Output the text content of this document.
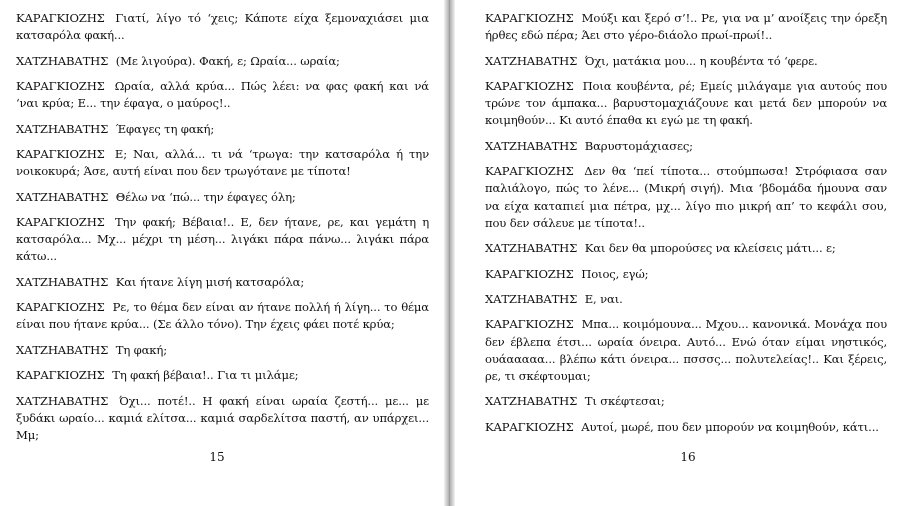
ΚΑΡΑΓΚΙΟΖΗΣ Γιατί, λίγο τό ‘χεις; Κάποτε είχα ξεμοναχιάσει μια κατσαρόλα φακή...

ΧΑΤΖΗΑΒΑΤΗΣ (Με λιγούρα). Φακή, ε; Ωραία... ωραία;

ΚΑΡΑΓΚΙΟΖΗΣ Ωραία, αλλά κρύα... Πώς λέει: να φας φακή και νά ‘ναι κρύα; Ε... την έφαγα, ο μαύρος!..

ΧΑΤΖΗΑΒΑΤΗΣ Έφαγες τη φακή;

ΚΑΡΑΓΚΙΟΖΗΣ Ε; Ναι, αλλά... τι νά ‘τρωγα: την κατσαρόλα ή την νοικοκυρά; Άσε, αυτή είναι που δεν τρωγότανε με τίποτα!

ΧΑΤΖΗΑΒΑΤΗΣ Θέλω να ‘πώ... την έφαγες όλη;

ΚΑΡΑΓΚΙΟΖΗΣ Την φακή; Βέβαια!.. Ε, δεν ήτανε, ρε, και γεμάτη η κατσαρόλα... Μχ... μέχρι τη μέση... λιγάκι πάρα πάνω... λιγάκι πάρα κάτω...

ΧΑΤΖΗΑΒΑΤΗΣ Και ήτανε λίγη μισή κατσαρόλα;

ΚΑΡΑΓΚΙΟΖΗΣ Ρε, το θέμα δεν είναι αν ήτανε πολλή ή λίγη... το θέμα είναι που ήτανε κρύα... (Σε άλλο τόνο). Την έχεις φάει ποτέ κρύα;

ΧΑΤΖΗΑΒΑΤΗΣ Τη φακή;

ΚΑΡΑΓΚΙΟΖΗΣ Τη φακή βέβαια!.. Για τι μιλάμε;

ΧΑΤΖΗΑΒΑΤΗΣ Όχι... ποτέ!.. Η φακή είναι ωραία ζεστή... με... με ξυδάκι ωραίο... καμιά ελίτσα... καμιά σαρδελίτσα παστή, αν υπάρχει... Μμ;

15

ΚΑΡΑΓΚΙΟΖΗΣ Μούξι και ξερό σ’!.. Ρε, για να μ’ ανοίξεις την όρεξη ήρθες εδώ πέρα; Άει στο γέρο-διάολο πρωί-πρωί!..

ΧΑΤΖΗΑΒΑΤΗΣ Όχι, ματάκια μου... η κουβέντα τό ‘φερε.

ΚΑΡΑΓΚΙΟΖΗΣ Ποια κουβέντα, ρέ; Εμείς μιλάγαμε για αυτούς που τρώνε τον άμπακα... βαρυστομαχιάζουνε και μετά δεν μπορούν να κοιμηθούν... Κι αυτό έπαθα κι εγώ με τη φακή.

ΧΑΤΖΗΑΒΑΤΗΣ Βαρυστομάχιασες;

ΚΑΡΑΓΚΙΟΖΗΣ Δεν θα ‘πεί τίποτα... στούμπωσα! Στρόφιασα σαν παλιάλογο, πώς το λένε... (Μικρή σιγή). Μια ‘βδομάδα ήμουνα σαν να είχα καταπιεί μια πέτρα, μχ... λίγο πιο μικρή απ’ το κεφάλι σου, που δεν σάλευε με τίποτα!..

ΧΑΤΖΗΑΒΑΤΗΣ Και δεν θα μπορούσες να κλείσεις μάτι... ε;

ΚΑΡΑΓΚΙΟΖΗΣ Ποιος, εγώ;

ΧΑΤΖΗΑΒΑΤΗΣ Ε, ναι.

ΚΑΡΑΓΚΙΟΖΗΣ Μπα... κοιμόμουνα... Μχου... κανονικά. Μονάχα που δεν έβλεπα έτσι... ωραία όνειρα. Αυτό... Ενώ όταν είμαι νηστικός, ουάααααα... βλέπω κάτι όνειρα... πσσσς... πολυτελείας!.. Και ξέρεις, ρε, τι σκέφτουμαι;

ΧΑΤΖΗΑΒΑΤΗΣ Τι σκέφτεσαι;

ΚΑΡΑΓΚΙΟΖΗΣ Αυτοί, μωρέ, που δεν μπορούν να κοιμηθούν, κάτι...

16
